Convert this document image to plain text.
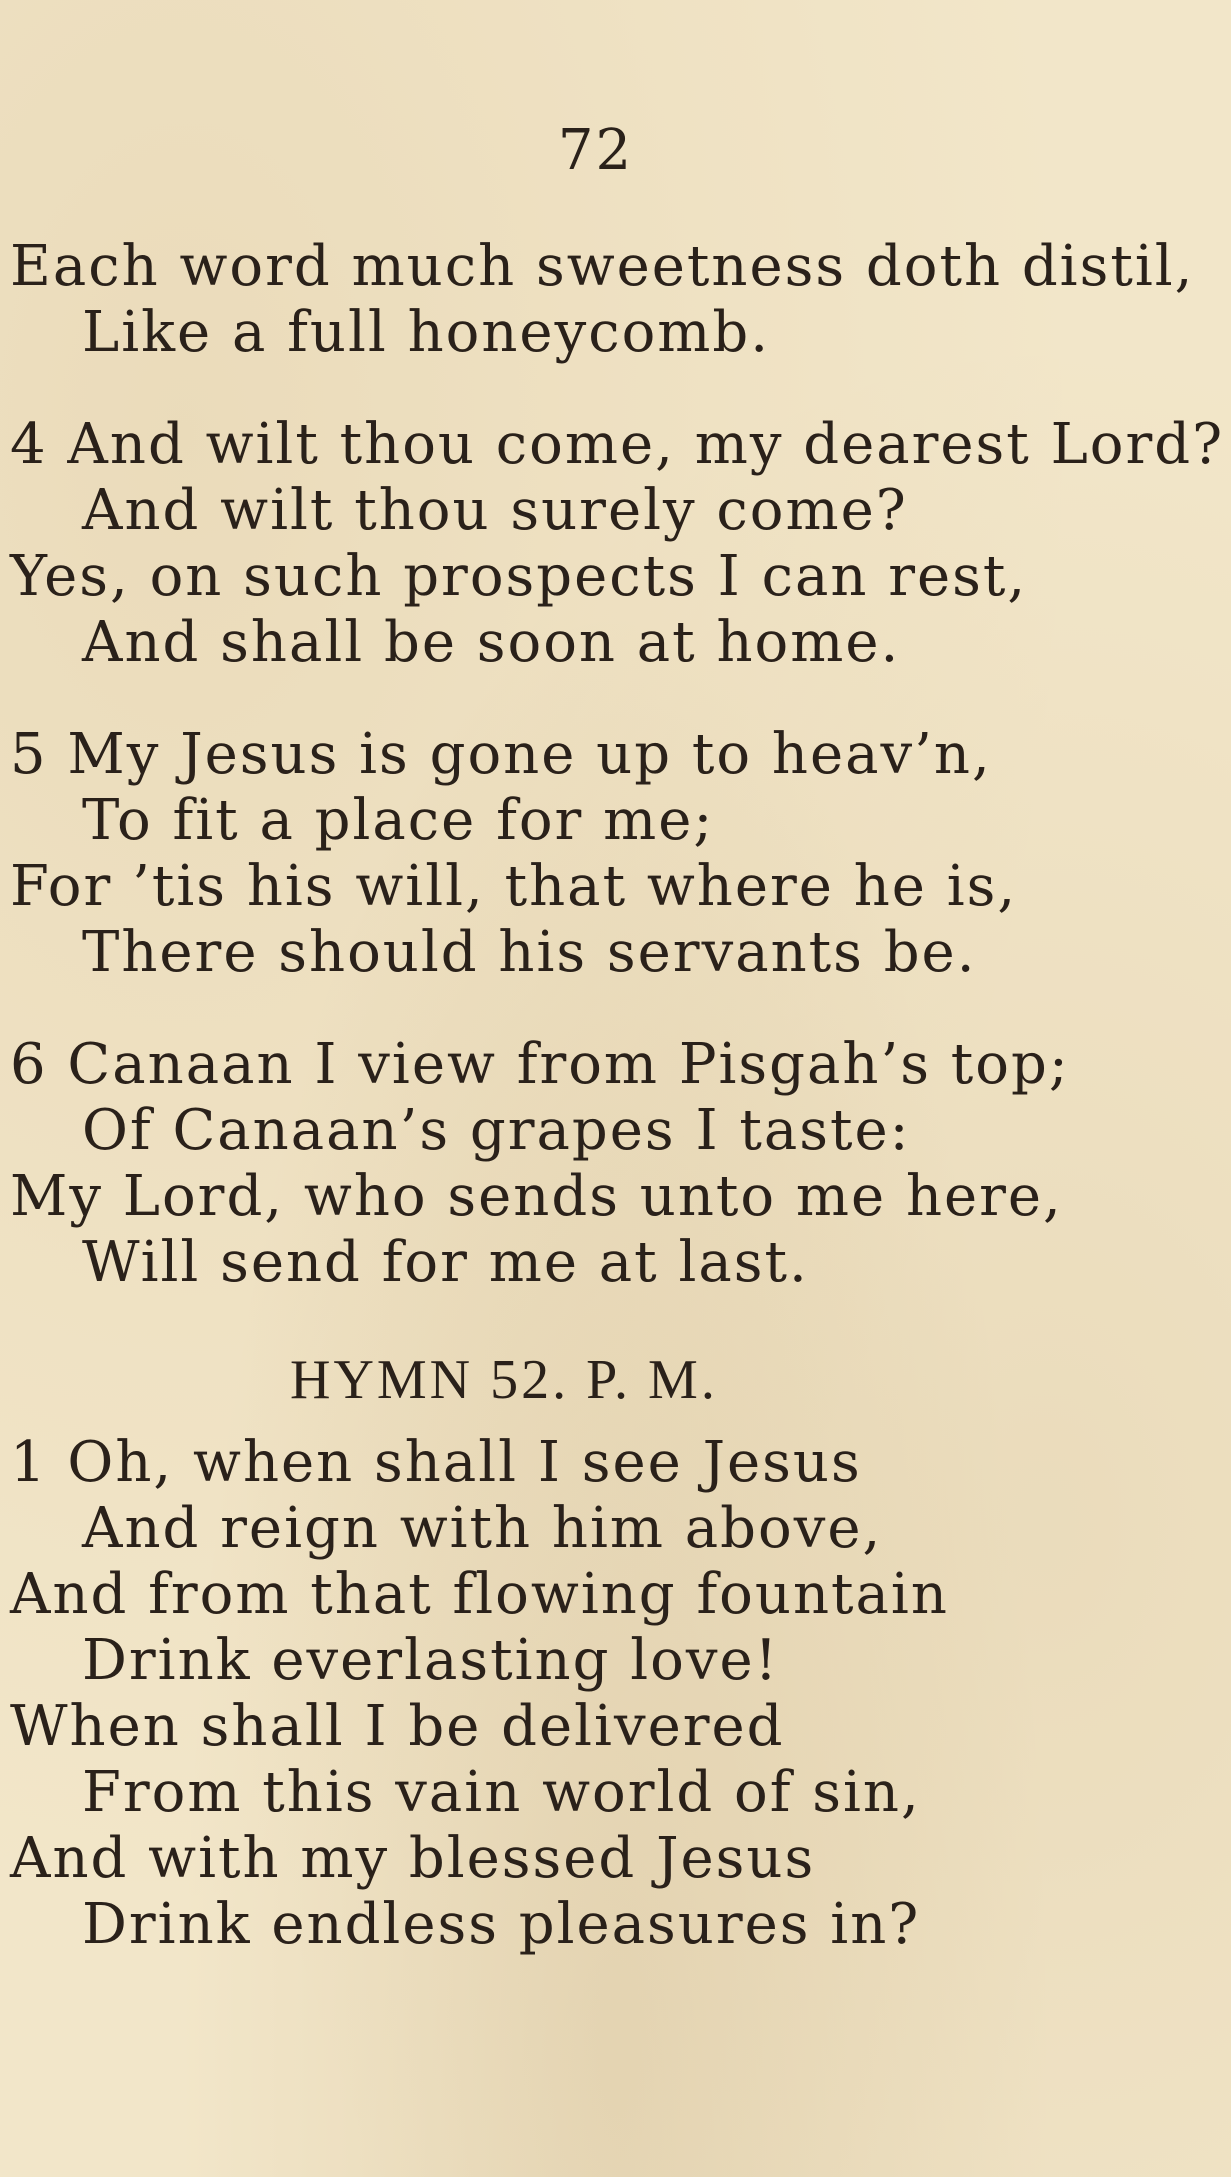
72
Each word much sweetness doth distil,
Like a full honeycomb.
4 And wilt thou come, my dearest Lord?
And wilt thou surely come?
Yes, on such prospects I can rest,
And shall be soon at home.
5 My Jesus is gone up to heav’n,
To fit a place for me;
For ’tis his will, that where he is,
There should his servants be.
6 Canaan I view from Pisgah’s top;
Of Canaan’s grapes I taste:
My Lord, who sends unto me here,
Will send for me at last.
HYMN 52. P. M.
1 Oh, when shall I see Jesus
And reign with him above,
And from that flowing fountain
Drink everlasting love!
When shall I be delivered
From this vain world of sin,
And with my blessed Jesus
Drink endless pleasures in?
